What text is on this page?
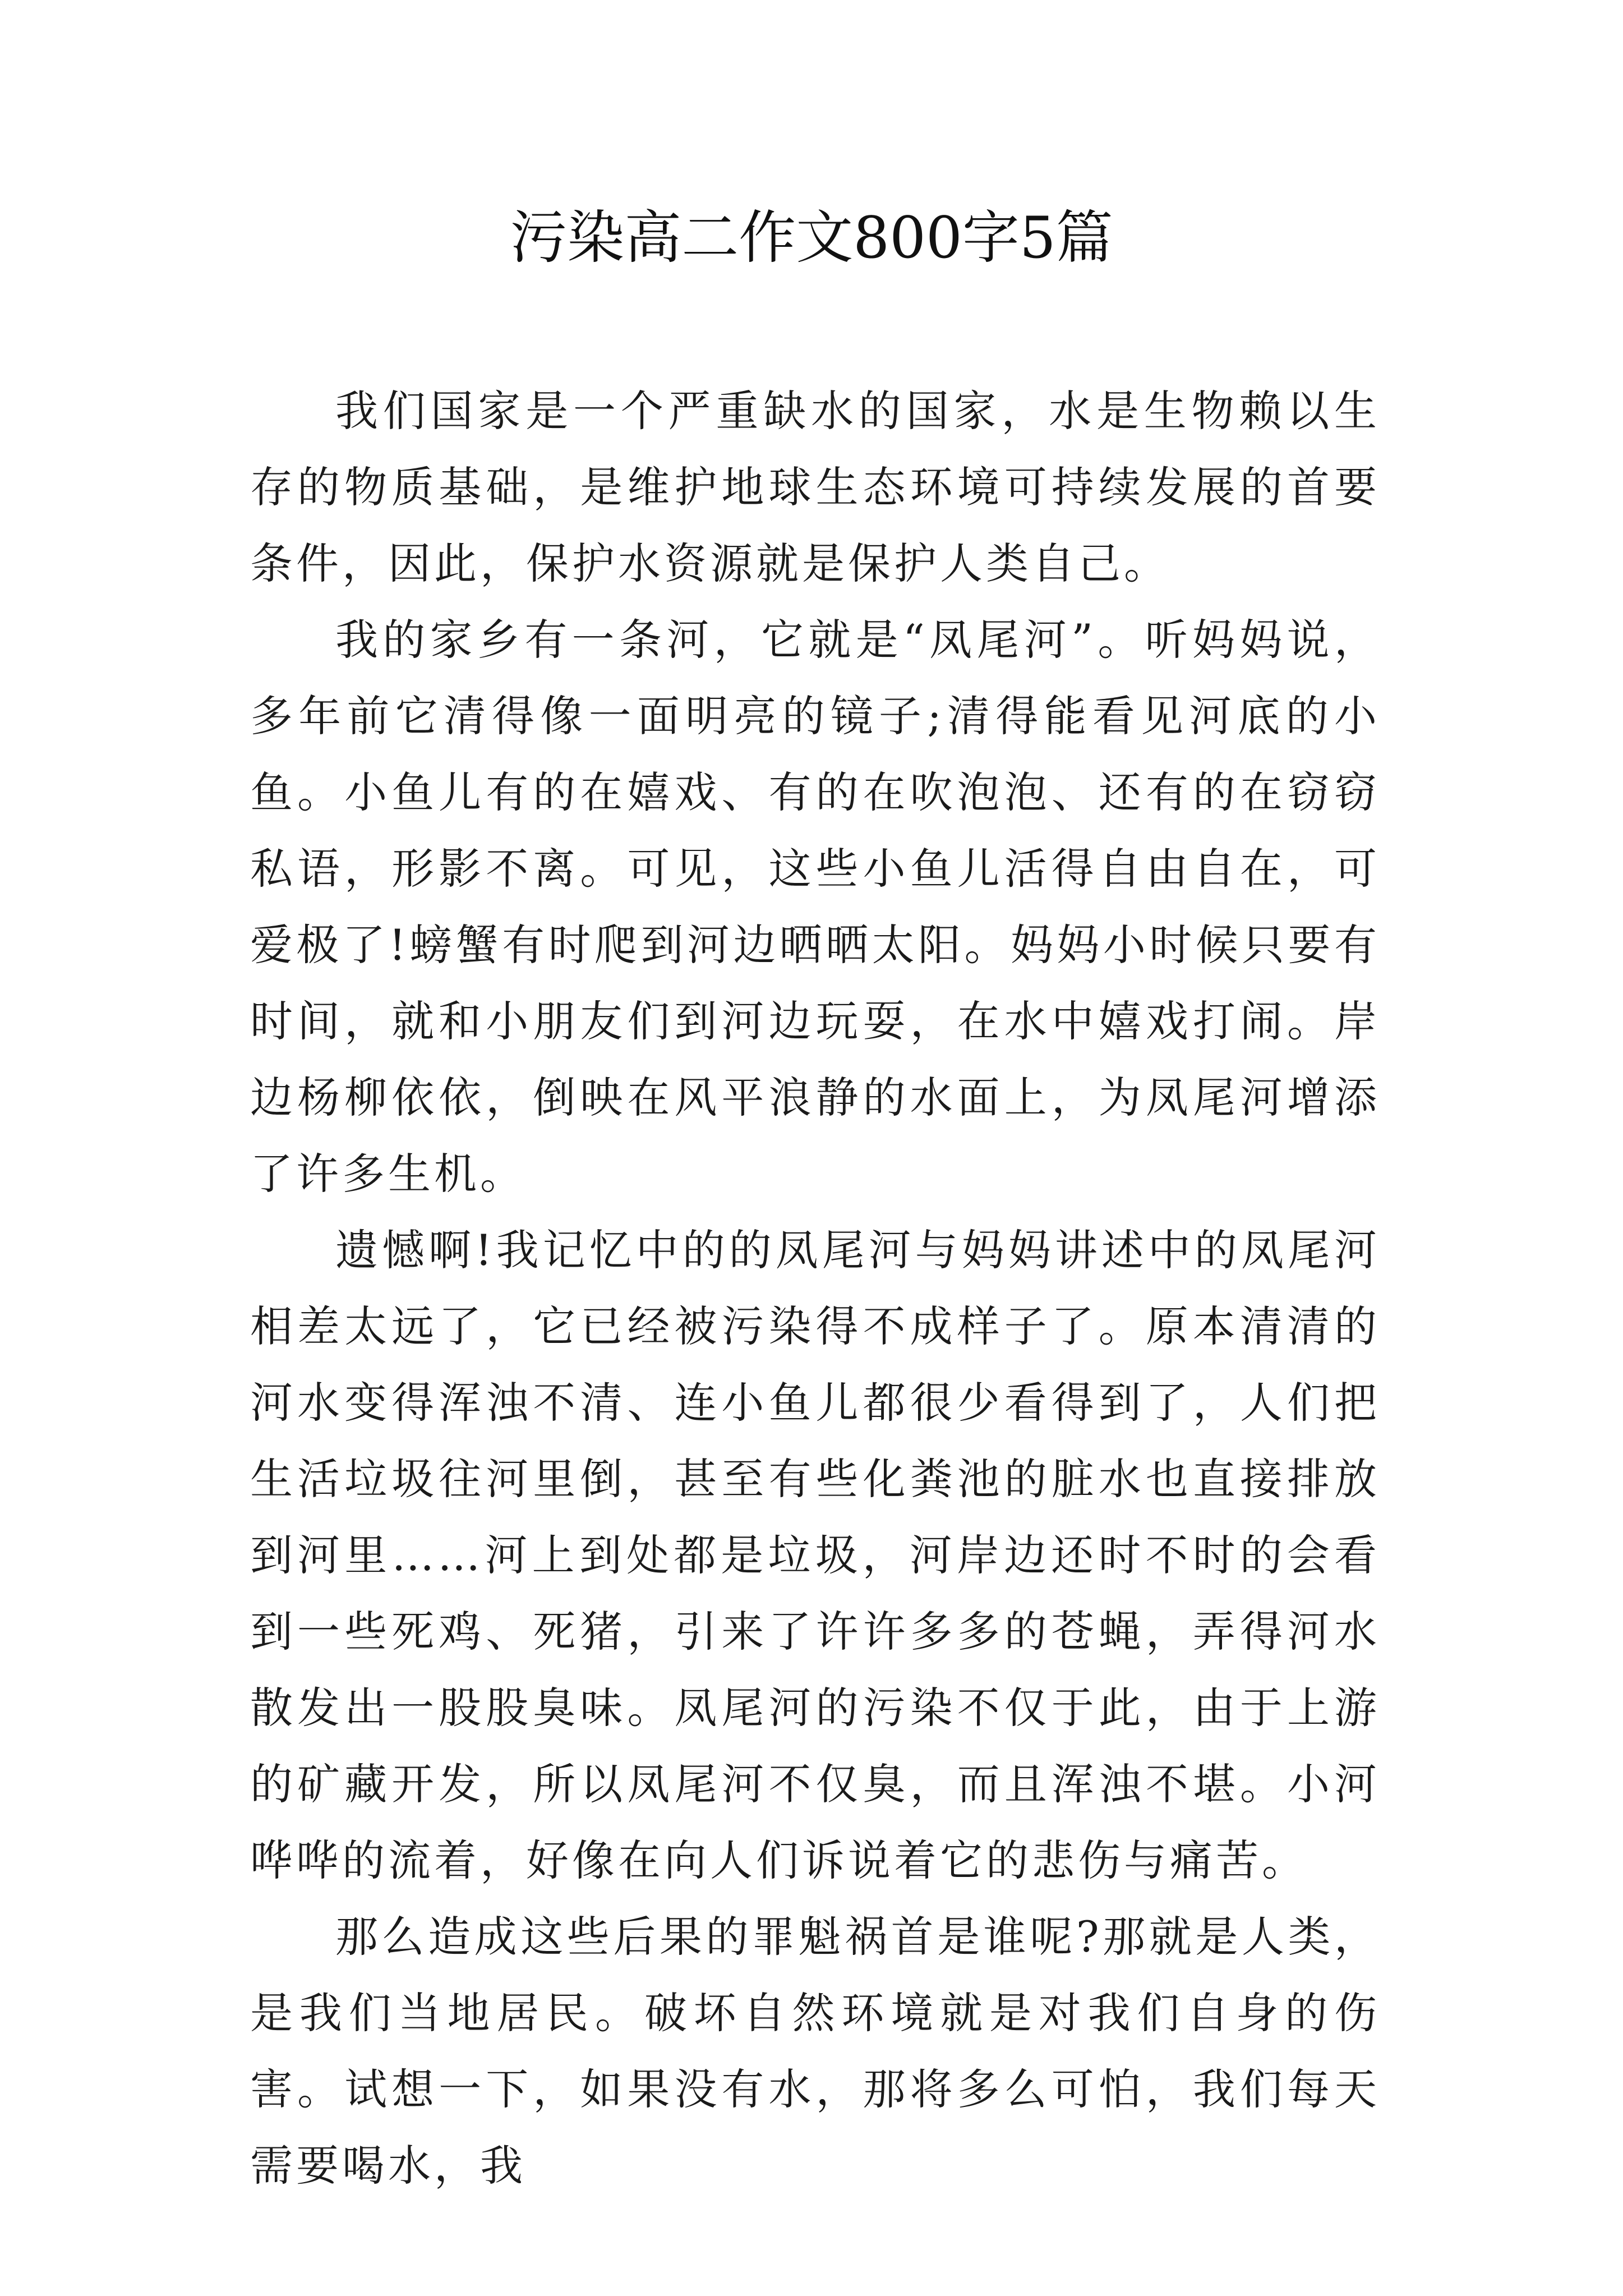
污染高二作文800字5篇

我们国家是一个严重缺水的国家，水是生物赖以生存的物质基础，是维护地球生态环境可持续发展的首要条件，因此，保护水资源就是保护人类自己。

我的家乡有一条河，它就是“凤尾河”。听妈妈说，多年前它清得像一面明亮的镜子;清得能看见河底的小鱼。小鱼儿有的在嬉戏、有的在吹泡泡、还有的在窃窃私语，形影不离。可见，这些小鱼儿活得自由自在，可爱极了!螃蟹有时爬到河边晒晒太阳。妈妈小时候只要有时间，就和小朋友们到河边玩耍，在水中嬉戏打闹。岸边杨柳依依，倒映在风平浪静的水面上，为凤尾河增添了许多生机。

遗憾啊!我记忆中的的凤尾河与妈妈讲述中的凤尾河相差太远了，它已经被污染得不成样子了。原本清清的河水变得浑浊不清、连小鱼儿都很少看得到了，人们把生活垃圾往河里倒，甚至有些化粪池的脏水也直接排放到河里……河上到处都是垃圾，河岸边还时不时的会看到一些死鸡、死猪，引来了许许多多的苍蝇，弄得河水散发出一股股臭味。凤尾河的污染不仅于此，由于上游的矿藏开发，所以凤尾河不仅臭，而且浑浊不堪。小河哗哗的流着，好像在向人们诉说着它的悲伤与痛苦。

那么造成这些后果的罪魁祸首是谁呢?那就是人类，是我们当地居民。破坏自然环境就是对我们自身的伤害。试想一下，如果没有水，那将多么可怕，我们每天需要喝水，我
